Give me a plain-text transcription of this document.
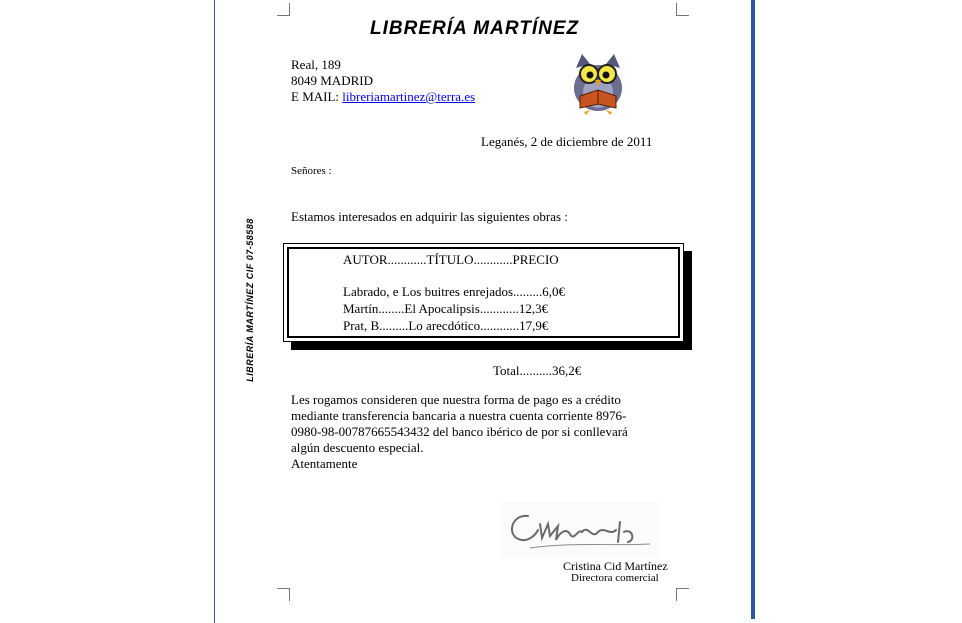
LIBRERÍA MARTÍNEZ
Real, 189
8049 MADRID
E MAIL: libreriamartinez@terra.es
Leganés, 2 de diciembre de 2011
Señores :
LIBRERÍA MARTÍNEZ CIF 07-58588
Estamos interesados en adquirir las siguientes obras :
AUTOR............TÍTULO............PRECIO
Labrado, e Los buitres enrejados.........6,0€
Martín........El Apocalipsis............12,3€
Prat, B.........Lo arecdótico............17,9€
Total..........36,2€
Les rogamos consideren que nuestra forma de pago es a crédito
mediante transferencia bancaria a nuestra cuenta corriente 8976-
0980-98-00787665543432 del banco ibérico de por si conllevará
algún descuento especial.
Atentamente
Cristina Cid Martínez
Directora comercial
